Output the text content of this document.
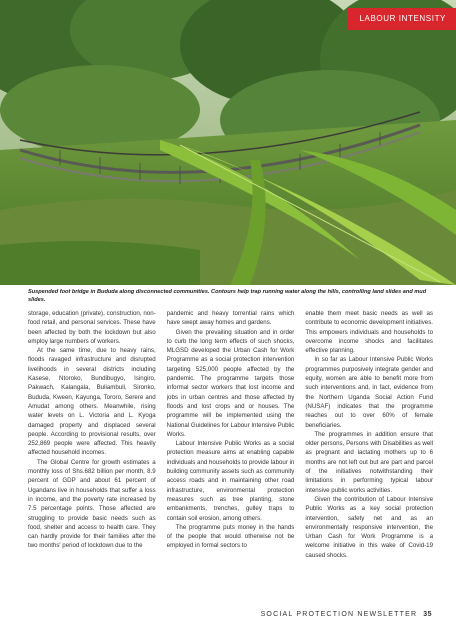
LABOUR INTENSITY
Suspended foot bridge in Bududa along disconnected communities. Contours help trap running water along the hills, controlling land slides and mud slides.

storage, education (private), construction, non-food retail, and personal services. These have been affected by both the lockdown but also employ large numbers of workers.

At the same time, due to heavy rains, floods ravaged infrastructure and disrupted livelihoods in several districts including Kasese, Ntoroko, Bundibugyo, Isingiro, Pakwach, Kalangala, Buliambuli, Sironko, Bududa, Kween, Kayunga, Tororo, Serere and Amudat among others. Meanwhile, rising water levels on L. Victoria and L. Kyoga damaged property and displaced several people. According to provisional results, over 252,869 people were affected. This heavily affected household incomes.

The Global Centre for growth estimates a monthly loss of Shs.682 billion per month, 8.9 percent of GDP and about 61 percent of Ugandans live in households that suffer a loss in income, and the poverty rate increased by 7.5 percentage points. Those affected are struggling to provide basic needs such as food, shelter and access to health care. They can hardly provide for their families after the two months' period of lockdown due to the

pandemic and heavy torrential rains which have swept away homes and gardens.

Given the prevailing situation and in order to curb the long term effects of such shocks, MLGSD developed the Urban Cash for Work Programme as a social protection intervention targeting 525,000 people affected by the pandemic. The programme targets those informal sector workers that lost income and jobs in urban centres and those affected by floods and lost crops and or houses. The programme will be implemented using the National Guidelines for Labour Intensive Public Works.

Labour Intensive Public Works as a social protection measure aims at enabling capable individuals and households to provide labour in building community assets such as community access roads and in maintaining other road infrastructure, environmental protection measures such as tree planting, stone embankments, trenches, gulley traps to contain soil erosion, among others.

The programme puts money in the hands of the people that would otherwise not be employed in formal sectors to

enable them meet basic needs as well as contribute to economic development initiatives. This empowers individuals and households to overcome income shocks and facilitates effective planning.

In so far as Labour Intensive Public Works programmes purposively integrate gender and equity, women are able to benefit more from such interventions and, in fact, evidence from the Northern Uganda Social Action Fund (NUSAF) indicates that the programme reaches out to over 60% of female beneficiaries.

The programmes in addition ensure that older persons, Persons with Disabilities as well as pregnant and lactating mothers up to 6 months are not left out but are part and parcel of the initiatives notwithstanding their limitations in performing typical labour intensive public works activities.

Given the contribution of Labour Intensive Public Works as a key social protection intervention, safety net and as an environmentally responsive intervention, the Urban Cash for Work Programme is a welcome initiative in this wake of Covid-19 caused shocks.

SOCIAL PROTECTION NEWSLETTER 35
